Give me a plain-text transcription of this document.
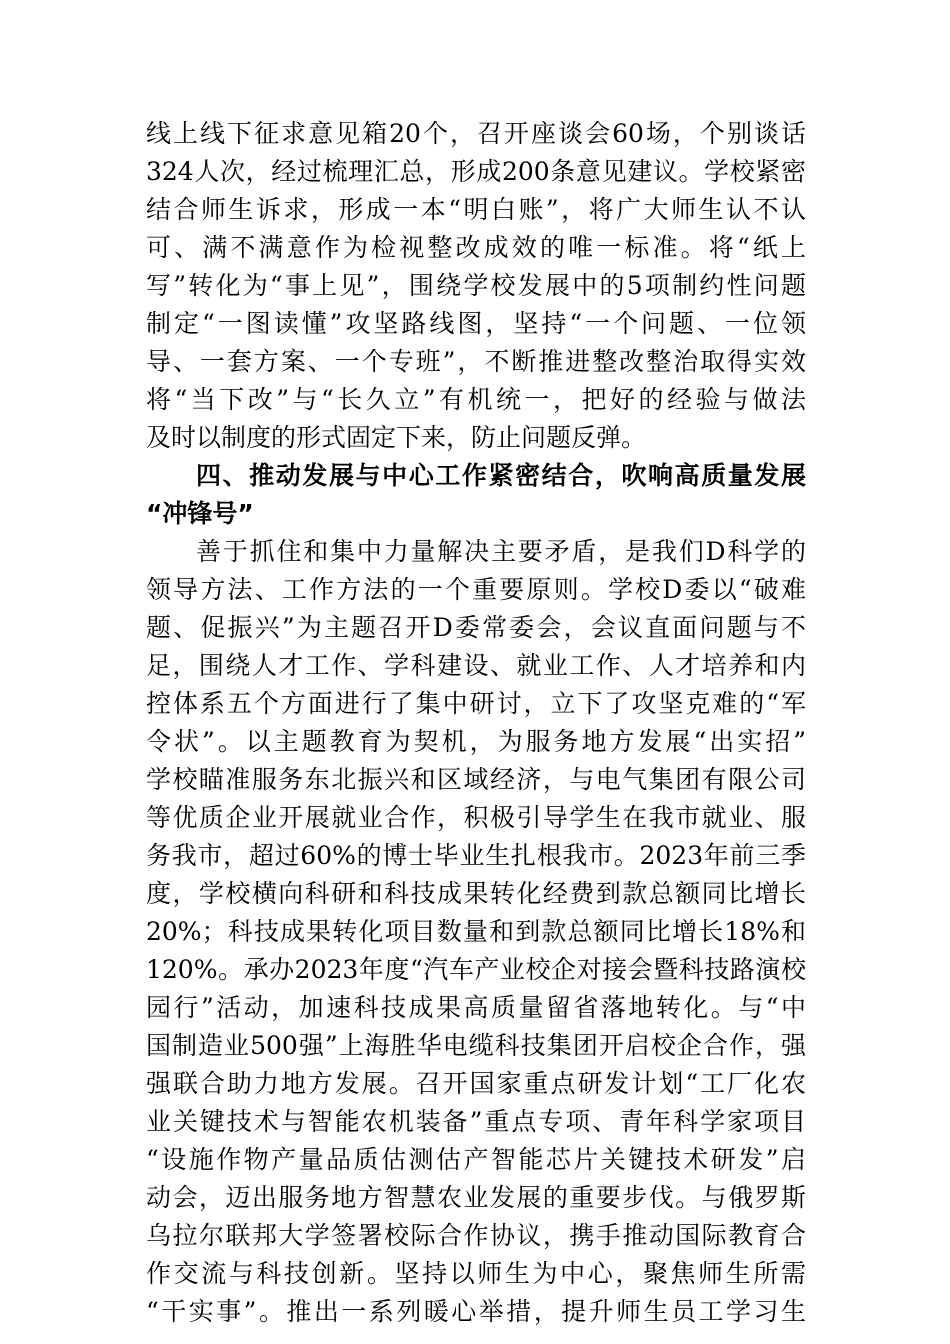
线上线下征求意见箱20个，召开座谈会60场，个别谈话
324人次，经过梳理汇总，形成200条意见建议。学校紧密
结合师生诉求，形成一本“明白账”，将广大师生认不认
可、满不满意作为检视整改成效的唯一标准。将“纸上
写”转化为“事上见”，围绕学校发展中的5项制约性问题
制定“一图读懂”攻坚路线图，坚持“一个问题、一位领
导、一套方案、一个专班”，不断推进整改整治取得实效
将“当下改”与“长久立”有机统一，把好的经验与做法
及时以制度的形式固定下来，防止问题反弹。
四、推动发展与中心工作紧密结合，吹响高质量发展
“冲锋号”
善于抓住和集中力量解决主要矛盾，是我们D科学的
领导方法、工作方法的一个重要原则。学校D委以“破难
题、促振兴”为主题召开D委常委会，会议直面问题与不
足，围绕人才工作、学科建设、就业工作、人才培养和内
控体系五个方面进行了集中研讨，立下了攻坚克难的“军
令状”。以主题教育为契机，为服务地方发展“出实招”
学校瞄准服务东北振兴和区域经济，与电气集团有限公司
等优质企业开展就业合作，积极引导学生在我市就业、服
务我市，超过60%的博士毕业生扎根我市。2023年前三季
度，学校横向科研和科技成果转化经费到款总额同比增长
20%；科技成果转化项目数量和到款总额同比增长18%和
120%。承办2023年度“汽车产业校企对接会暨科技路演校
园行”活动，加速科技成果高质量留省落地转化。与“中
国制造业500强”上海胜华电缆科技集团开启校企合作，强
强联合助力地方发展。召开国家重点研发计划“工厂化农
业关键技术与智能农机装备”重点专项、青年科学家项目
“设施作物产量品质估测估产智能芯片关键技术研发”启
动会，迈出服务地方智慧农业发展的重要步伐。与俄罗斯
乌拉尔联邦大学签署校际合作协议，携手推动国际教育合
作交流与科技创新。坚持以师生为中心，聚焦师生所需
“干实事”。推出一系列暖心举措，提升师生员工学习生
